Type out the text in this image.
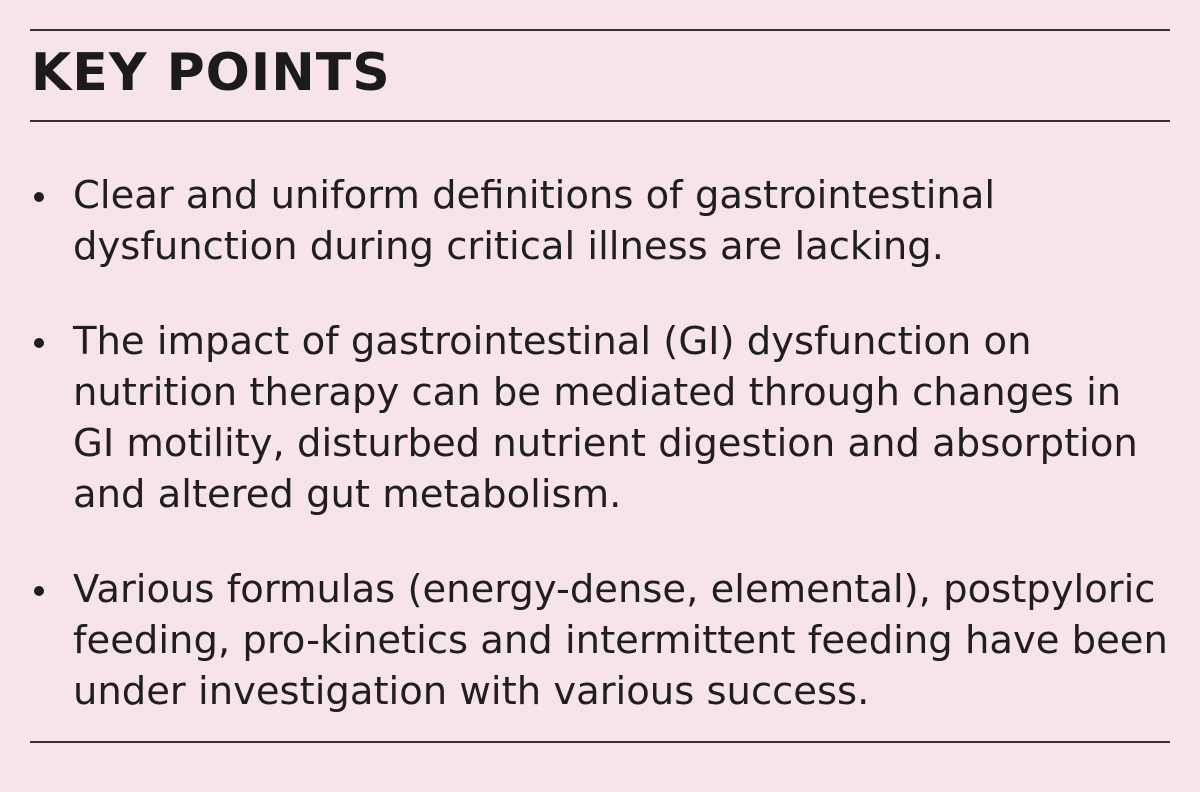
KEY POINTS
Clear and uniform definitions of gastrointestinal dysfunction during critical illness are lacking.
The impact of gastrointestinal (GI) dysfunction on nutrition therapy can be mediated through changes in GI motility, disturbed nutrient digestion and absorption and altered gut metabolism.
Various formulas (energy-dense, elemental), postpyloric feeding, pro-kinetics and intermittent feeding have been under investigation with various success.
